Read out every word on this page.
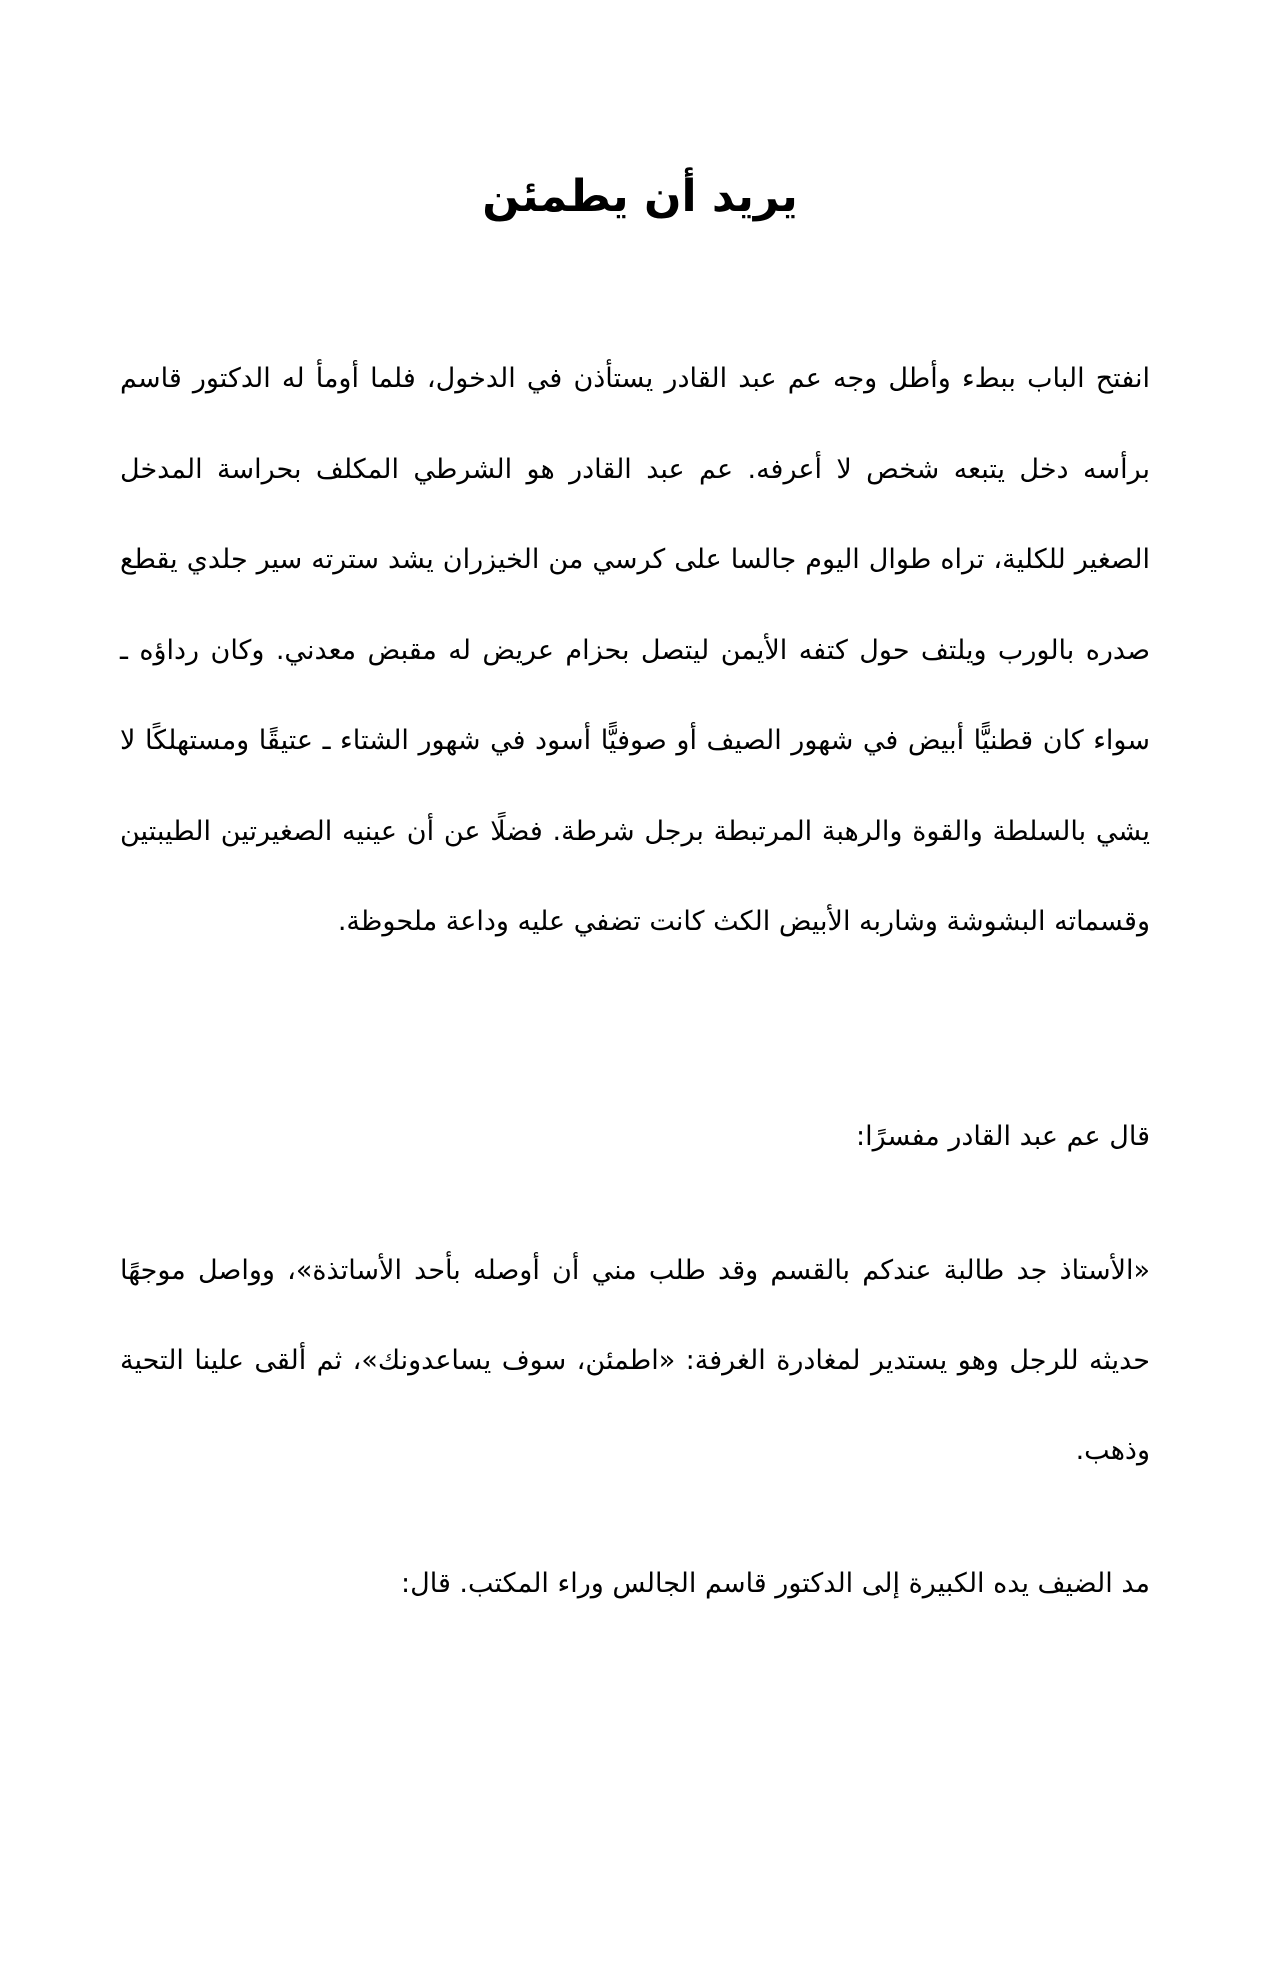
يريد أن يطمئن

انفتح الباب ببطء وأطل وجه عم عبد القادر يستأذن في الدخول، فلما أومأ له الدكتور قاسم برأسه دخل يتبعه شخص لا أعرفه. عم عبد القادر هو الشرطي المكلف بحراسة المدخل الصغير للكلية، تراه طوال اليوم جالسا على كرسي من الخيزران يشد سترته سير جلدي يقطع صدره بالورب ويلتف حول كتفه الأيمن ليتصل بحزام عريض له مقبض معدني. وكان رداؤه ـ سواء كان قطنيًّا أبيض في شهور الصيف أو صوفيًّا أسود في شهور الشتاء ـ عتيقًا ومستهلكًا لا يشي بالسلطة والقوة والرهبة المرتبطة برجل شرطة. فضلًا عن أن عينيه الصغيرتين الطيبتين وقسماته البشوشة وشاربه الأبيض الكث كانت تضفي عليه وداعة ملحوظة.

قال عم عبد القادر مفسرًا:

«الأستاذ جد طالبة عندكم بالقسم وقد طلب مني أن أوصله بأحد الأساتذة»، وواصل موجهًا حديثه للرجل وهو يستدير لمغادرة الغرفة: «اطمئن، سوف يساعدونك»، ثم ألقى علينا التحية وذهب.

مد الضيف يده الكبيرة إلى الدكتور قاسم الجالس وراء المكتب. قال:
